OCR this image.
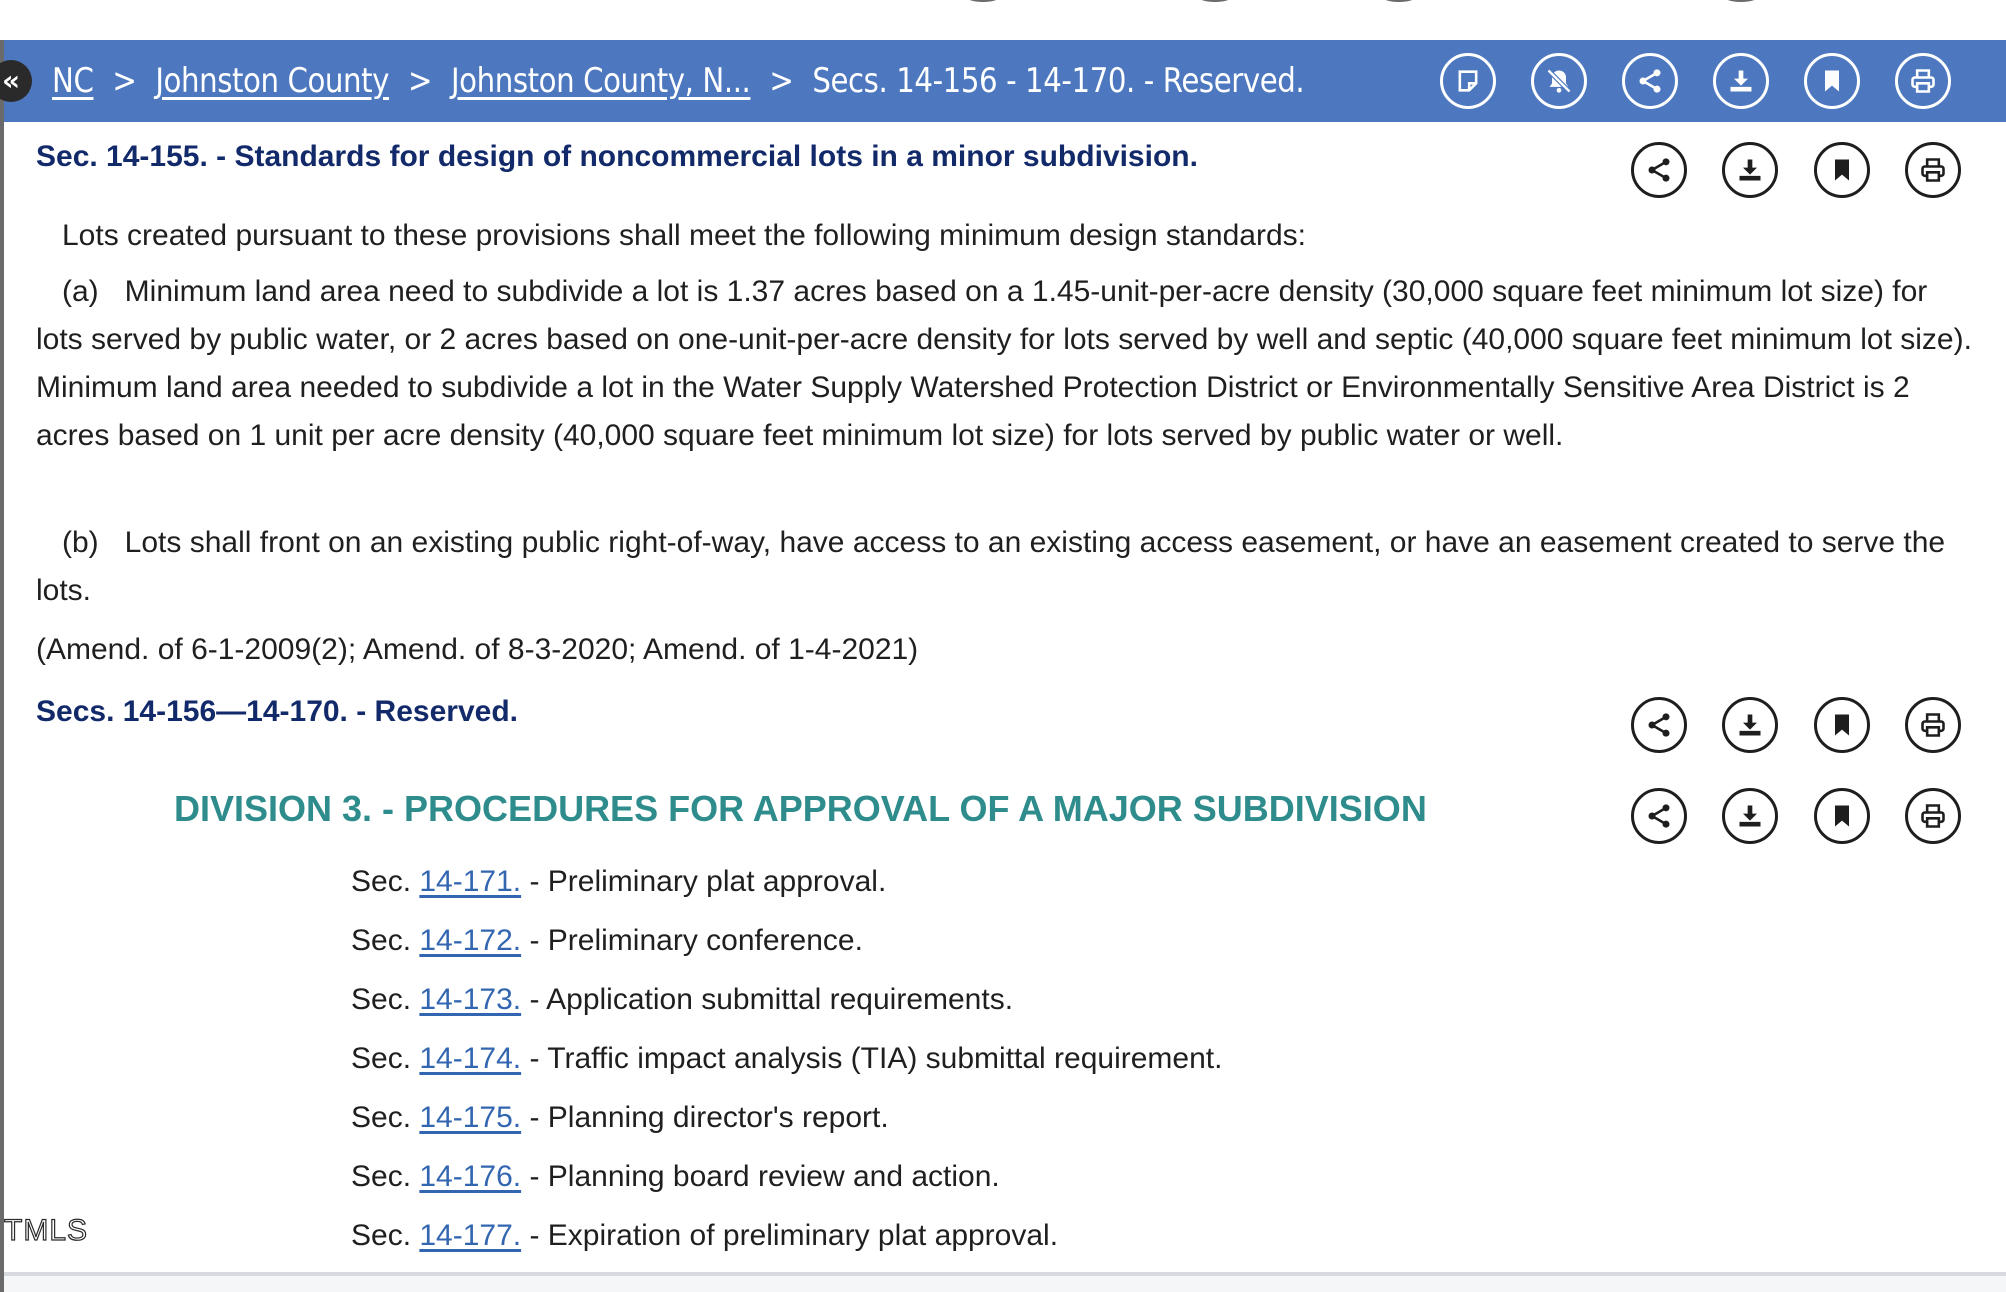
« NC > Johnston County > Johnston County, N... > Secs. 14-156 - 14-170. - Reserved.
Sec. 14-155. - Standards for design of noncommercial lots in a minor subdivision.

Lots created pursuant to these provisions shall meet the following minimum design standards:

(a) Minimum land area need to subdivide a lot is 1.37 acres based on a 1.45-unit-per-acre density (30,000 square feet minimum lot size) for lots served by public water, or 2 acres based on one-unit-per-acre density for lots served by well and septic (40,000 square feet minimum lot size). Minimum land area needed to subdivide a lot in the Water Supply Watershed Protection District or Environmentally Sensitive Area District is 2 acres based on 1 unit per acre density (40,000 square feet minimum lot size) for lots served by public water or well.

(b) Lots shall front on an existing public right-of-way, have access to an existing access easement, or have an easement created to serve the lots.

(Amend. of 6-1-2009(2); Amend. of 8-3-2020; Amend. of 1-4-2021)

Secs. 14-156—14-170. - Reserved.
DIVISION 3. - PROCEDURES FOR APPROVAL OF A MAJOR SUBDIVISION
Sec. 14-171. - Preliminary plat approval.
Sec. 14-172. - Preliminary conference.
Sec. 14-173. - Application submittal requirements.
Sec. 14-174. - Traffic impact analysis (TIA) submittal requirement.
Sec. 14-175. - Planning director's report.
Sec. 14-176. - Planning board review and action.
Sec. 14-177. - Expiration of preliminary plat approval.
TMLS
